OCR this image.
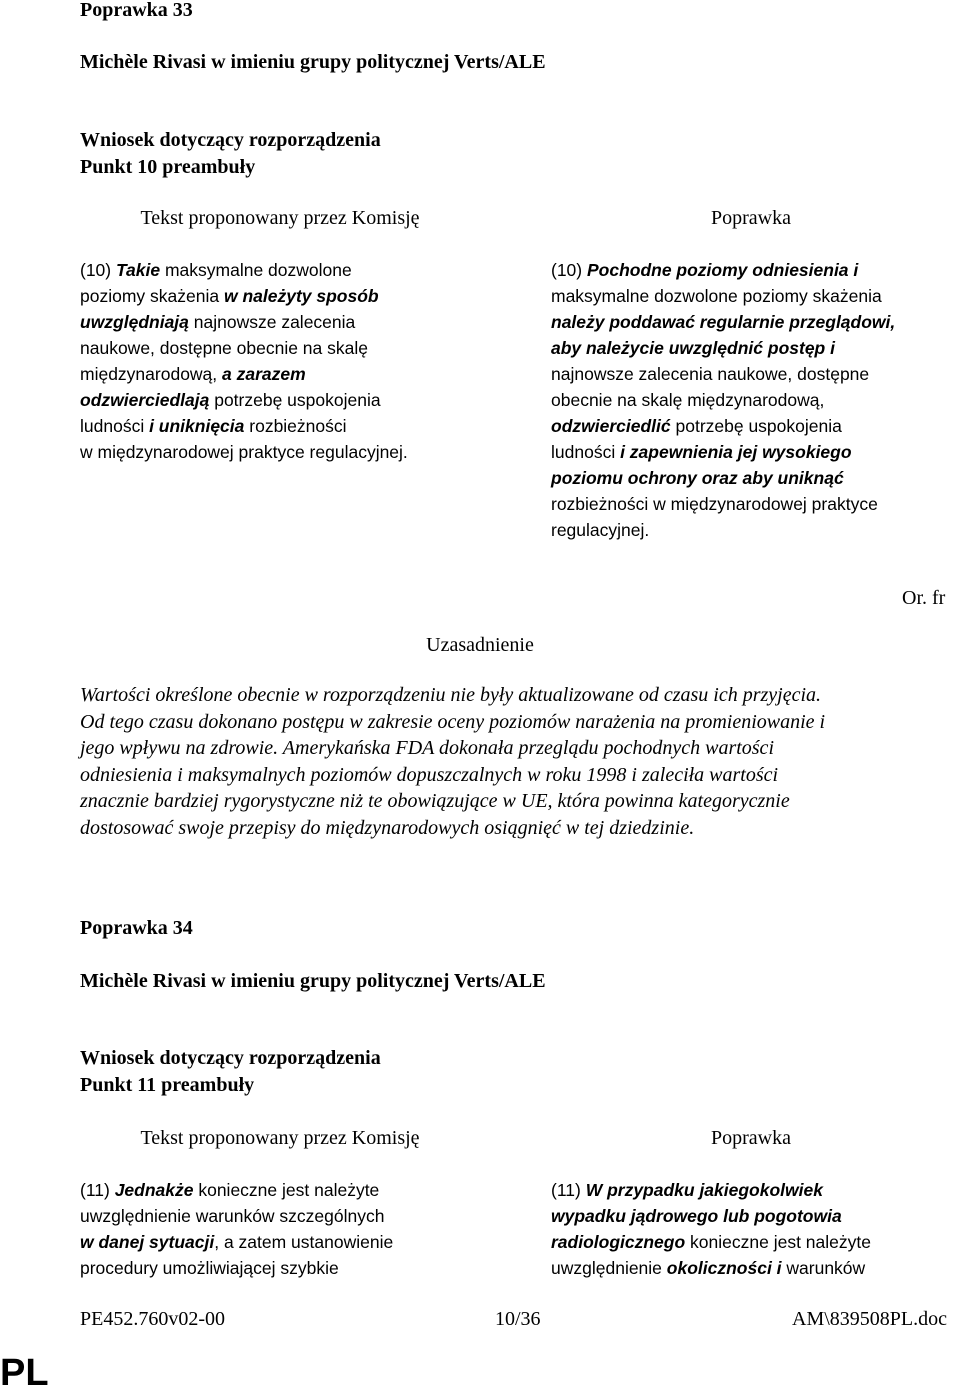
Poprawka 33
Michèle Rivasi w imieniu grupy politycznej Verts/ALE
Wniosek dotyczący rozporządzenia
Punkt 10 preambuły
Tekst proponowany przez Komisję	Poprawka
(10) Takie maksymalne dozwolone
poziomy skażenia w należyty sposób
uwzględniają najnowsze zalecenia
naukowe, dostępne obecnie na skalę
międzynarodową, a zarazem
odzwierciedlają potrzebę uspokojenia
ludności i uniknięcia rozbieżności
w międzynarodowej praktyce regulacyjnej.
(10) Pochodne poziomy odniesienia i
maksymalne dozwolone poziomy skażenia
należy poddawać regularnie przeglądowi,
aby należycie uwzględnić postęp i
najnowsze zalecenia naukowe, dostępne
obecnie na skalę międzynarodową,
odzwierciedlić potrzebę uspokojenia
ludności i zapewnienia jej wysokiego
poziomu ochrony oraz aby uniknąć
rozbieżności w międzynarodowej praktyce
regulacyjnej.
Or. fr
Uzasadnienie
Wartości określone obecnie w rozporządzeniu nie były aktualizowane od czasu ich przyjęcia.
Od tego czasu dokonano postępu w zakresie oceny poziomów narażenia na promieniowanie i
jego wpływu na zdrowie. Amerykańska FDA dokonała przeglądu pochodnych wartości
odniesienia i maksymalnych poziomów dopuszczalnych w roku 1998 i zaleciła wartości
znacznie bardziej rygorystyczne niż te obowiązujące w UE, która powinna kategorycznie
dostosować swoje przepisy do międzynarodowych osiągnięć w tej dziedzinie.
Poprawka 34
Michèle Rivasi w imieniu grupy politycznej Verts/ALE
Wniosek dotyczący rozporządzenia
Punkt 11 preambuły
Tekst proponowany przez Komisję	Poprawka
(11) Jednakże konieczne jest należyte
uwzględnienie warunków szczególnych
w danej sytuacji, a zatem ustanowienie
procedury umożliwiającej szybkie
(11) W przypadku jakiegokolwiek
wypadku jądrowego lub pogotowia
radiologicznego konieczne jest należyte
uwzględnienie okoliczności i warunków
PE452.760v02-00	10/36	AM\839508PL.doc
PL
